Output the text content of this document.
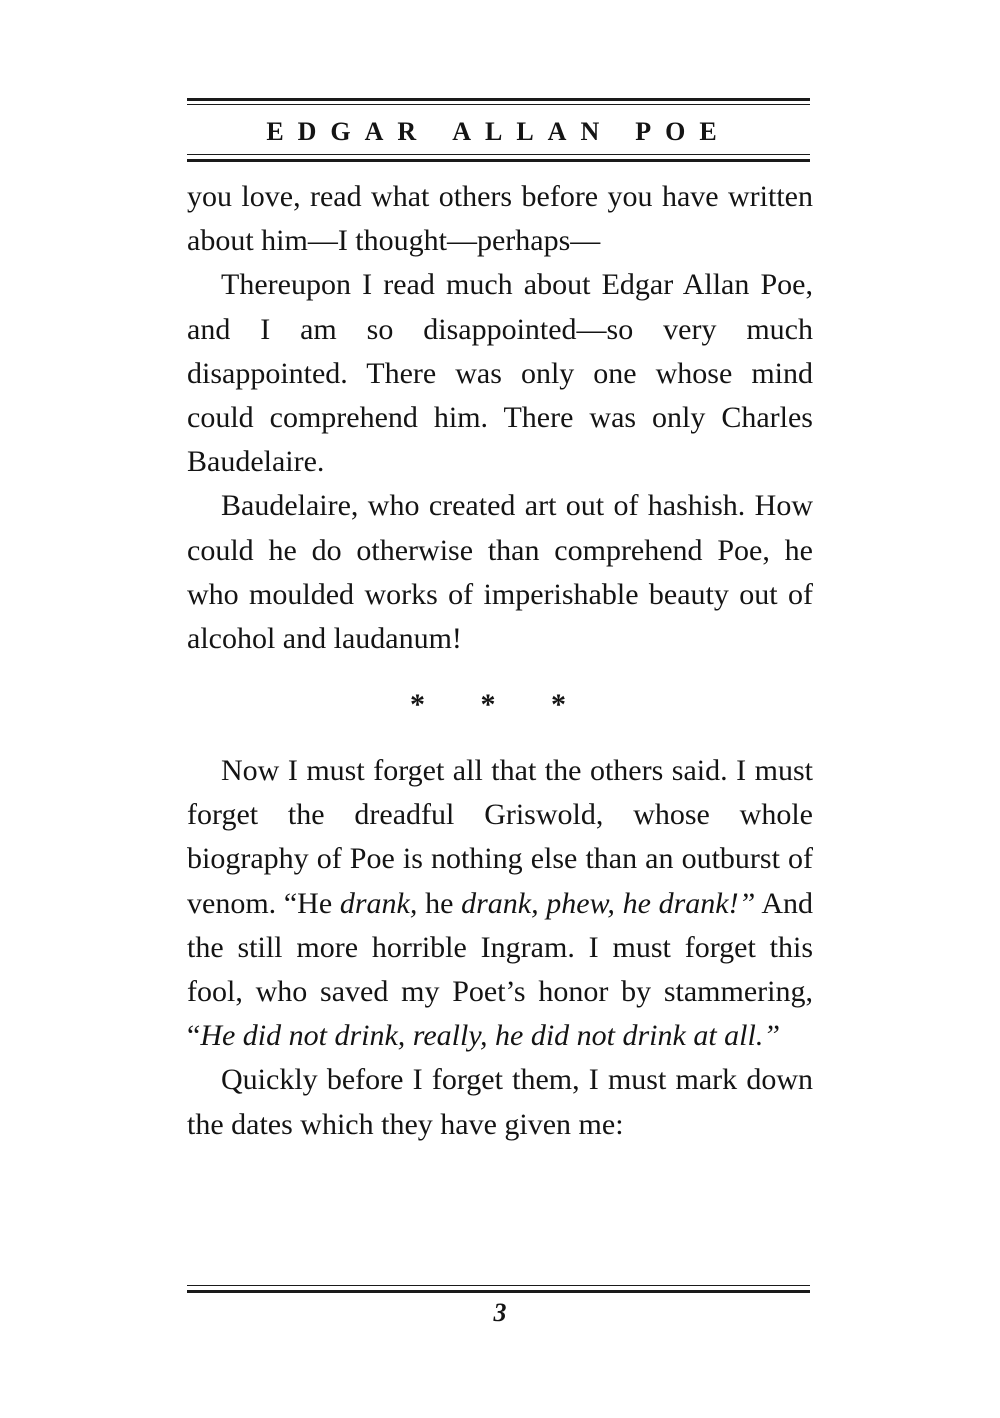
EDGAR ALLAN POE

you love, read what others before you have written about him—I thought—perhaps—

Thereupon I read much about Edgar Allan Poe, and I am so disappointed—so very much disappointed. There was only one whose mind could comprehend him. There was only Charles Baudelaire.

Baudelaire, who created art out of hashish. How could he do otherwise than comprehend Poe, he who moulded works of imperishable beauty out of alcohol and laudanum!

* * *

Now I must forget all that the others said. I must forget the dreadful Griswold, whose whole biography of Poe is nothing else than an outburst of venom. “He drank, he drank, phew, he drank!” And the still more horrible Ingram. I must forget this fool, who saved my Poet’s honor by stammering, “He did not drink, really, he did not drink at all.”

Quickly before I forget them, I must mark down the dates which they have given me:

3
